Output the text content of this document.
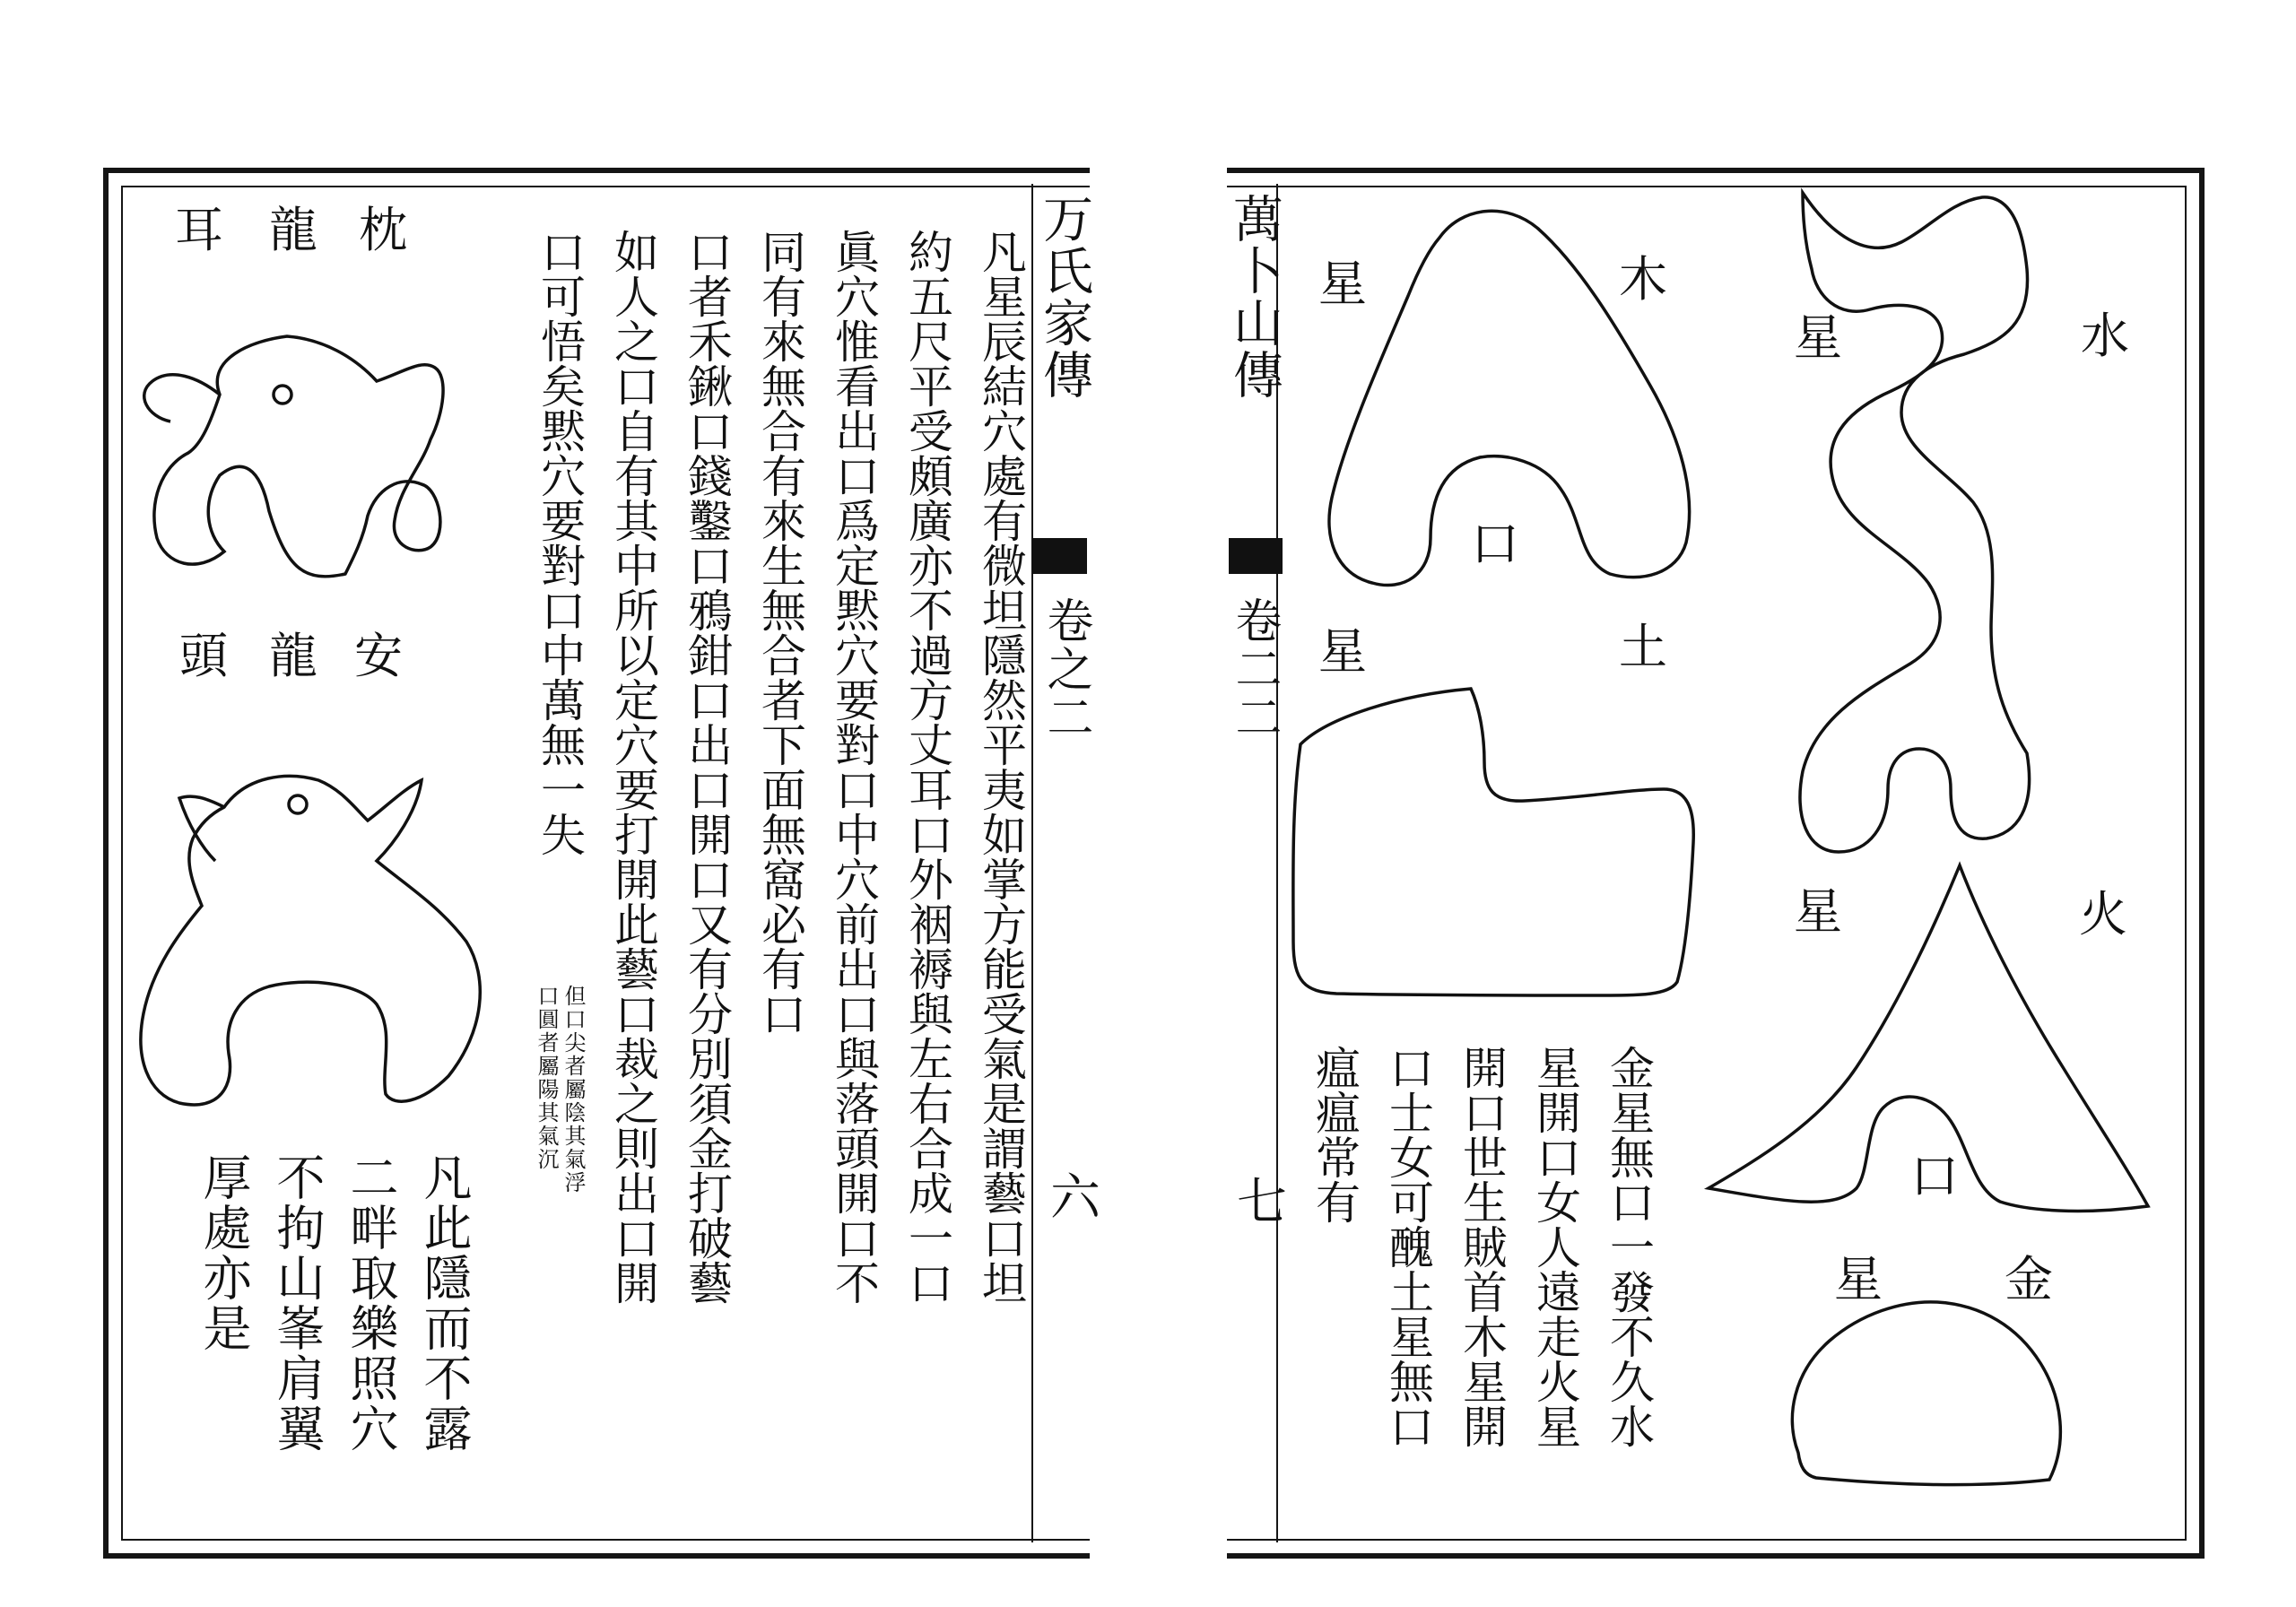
万氏家傳
卷之二
六
枕
龍
耳
安
龍
頭
凡此隱而不露
二畔取樂照穴
不拘山峯肩翼
厚處亦是	凡星辰結穴處有微坦隱然平夷如掌方能受氣是謂藝口坦
約五尺平受頗廣亦不過方丈耳口外裀褥與左右合成一口
眞穴惟看出口爲定黙穴要對口中穴前出口與落頭開口不
同有來無合有來生無合者下面無窩必有口
口者禾鍬口錢鑿口鴉鉗口出口開口又有分別須金打破藝
如人之口自有其中所以定穴要打開此藝口裁之則出口開
口可悟矣黙穴要對口中萬無一失
但口尖者屬陰其氣浮
口圓者屬陽其氣沉
萬卜山傳
卷二二
七
木
星
口
土
星
水
星
火
星
口
金
星
金星無口一發不久水
星開口女人遠走火星
開口世生賊首木星開
口士女可醜土星無口
瘟瘟常有
